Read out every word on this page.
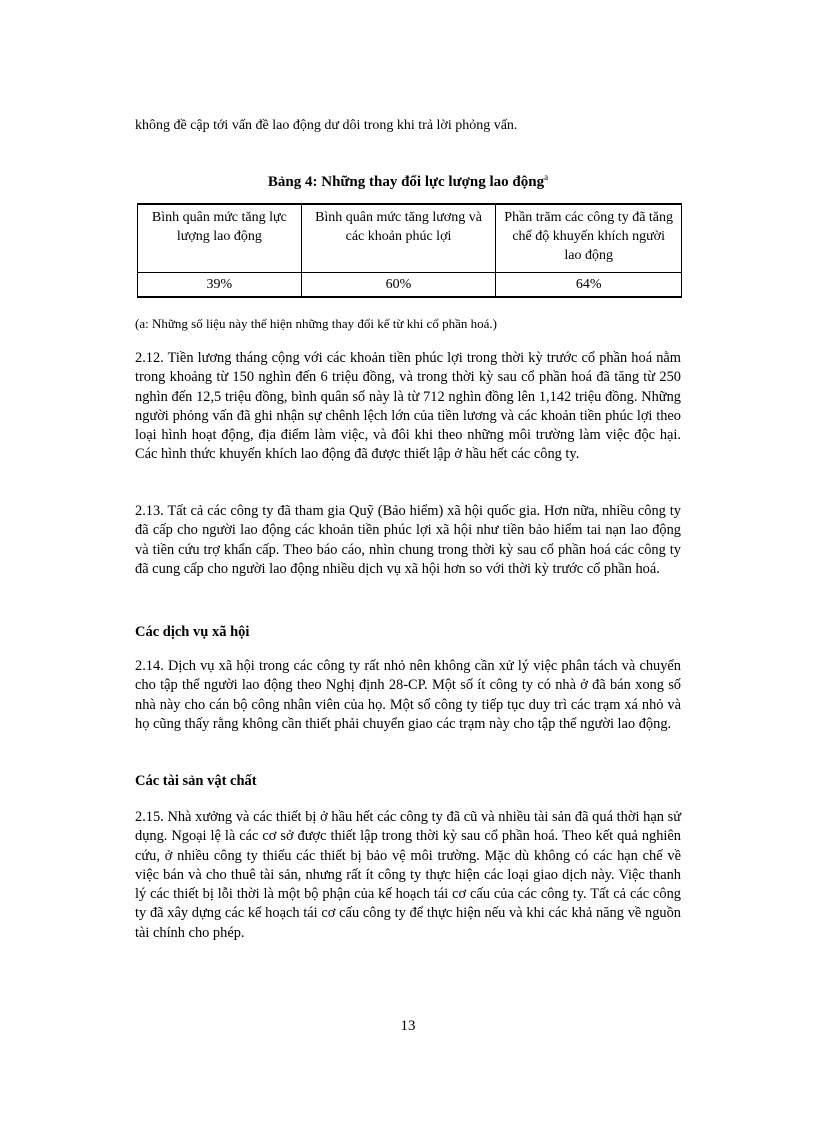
không đề cập tới vấn đề lao động dư dôi trong khi trả lời phỏng vấn.
Bảng 4: Những thay đổi lực lượng lao động$^a$
Bình quân mức tăng lực lượng lao động	Bình quân mức tăng lương và các khoản phúc lợi	Phần trăm các công ty đã tăng chế độ khuyến khích người lao động
39%	60%	64%
(a: Những số liệu này thể hiện những thay đổi kể từ khi cổ phần hoá.)

2.12. Tiền lương tháng cộng với các khoản tiền phúc lợi trong thời kỳ trước cổ phần hoá nằm trong khoảng từ 150 nghìn đến 6 triệu đồng, và trong thời kỳ sau cổ phần hoá đã tăng từ 250 nghìn đến 12,5 triệu đồng, bình quân số này là từ 712 nghìn đồng lên 1,142 triệu đồng. Những người phỏng vấn đã ghi nhận sự chênh lệch lớn của tiền lương và các khoản tiền phúc lợi theo loại hình hoạt động, địa điểm làm việc, và đôi khi theo những môi trường làm việc độc hại. Các hình thức khuyến khích lao động đã được thiết lập ở hầu hết các công ty.

2.13. Tất cả các công ty đã tham gia Quỹ (Bảo hiểm) xã hội quốc gia. Hơn nữa, nhiều công ty đã cấp cho người lao động các khoản tiền phúc lợi xã hội như tiền bảo hiểm tai nạn lao động và tiền cứu trợ khẩn cấp. Theo báo cáo, nhìn chung trong thời kỳ sau cổ phần hoá các công ty đã cung cấp cho người lao động nhiều dịch vụ xã hội hơn so với thời kỳ trước cổ phần hoá.

Các dịch vụ xã hội

2.14. Dịch vụ xã hội trong các công ty rất nhỏ nên không cần xử lý việc phân tách và chuyển cho tập thể người lao động theo Nghị định 28-CP. Một số ít công ty có nhà ở đã bán xong số nhà này cho cán bộ công nhân viên của họ. Một số công ty tiếp tục duy trì các trạm xá nhỏ và họ cũng thấy rằng không cần thiết phải chuyển giao các trạm này cho tập thể người lao động.

Các tài sản vật chất

2.15. Nhà xưởng và các thiết bị ở hầu hết các công ty đã cũ và nhiều tài sản đã quá thời hạn sử dụng. Ngoại lệ là các cơ sở được thiết lập trong thời kỳ sau cổ phần hoá. Theo kết quả nghiên cứu, ở nhiều công ty thiếu các thiết bị bảo vệ môi trường. Mặc dù không có các hạn chế về việc bán và cho thuê tài sản, nhưng rất ít công ty thực hiện các loại giao dịch này. Việc thanh lý các thiết bị lỗi thời là một bộ phận của kế hoạch tái cơ cấu của các công ty. Tất cả các công ty đã xây dựng các kế hoạch tái cơ cấu công ty để thực hiện nếu và khi các khả năng về nguồn tài chính cho phép.

13
